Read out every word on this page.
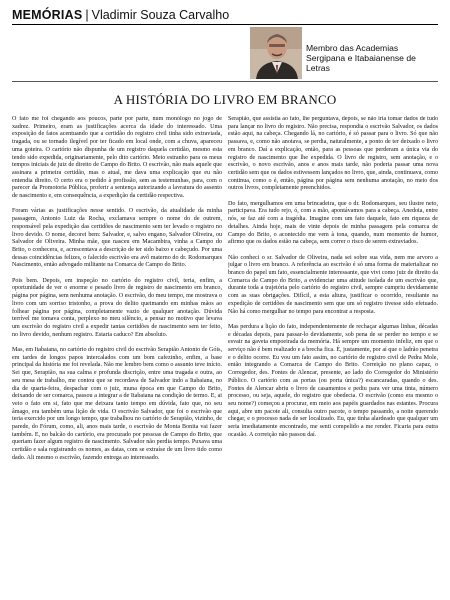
MEMÓRIAS | Vladimir Souza Carvalho
Membro das Academias Sergipana e Itabaianense de Letras
A HISTÓRIA DO LIVRO EM BRANCO

O fato me foi chegando aos poucos, parte por parte, num monólogo no jogo de xadrez. Primeiro, eram as justificações acerca da idade do interessado. Uma exposição de fatos acentuando que a certidão do registro civil tinha sido extraviada, tragada, ou se tornado ilegível por ter ficado em local onde, com a chuva, apareceu uma goteira. O cartório não dispunha de um registro daquela certidão, mesmo esta tendo sido expedida, originariamente, pelo dito cartório. Meio estranho para os meus tempos iniciais de juiz de direito de Campo do Brito. O escrivão, não mais aquele que assinara a primeira certidão, mas o atual, me dava uma explicação que eu não entendia direito. O certo era o pedido à profissão, sem as testemunhas, para, com o parecer da Promotoria Pública, proferir a sentença autorizando a lavratura do assento de nascimento e, em consequência, a expedição da certidão respectiva.

Foram várias as justificações nesse sentido. O escrivão, da atualidade da minha passagem, Antonio Luiz da Rocha, exclamava sempre o nome do de outrem, responsável pela expedição das certidões de nascimento sem ter levado o registro no livro devido. O nome, decorei bem: Salvador, e, salvo engano, Salvador Oliveira, ou Salvador de Oliveira. Minha mãe, que nasceu em Macambira, vinha a Campo do Brito, o conhecera, e, acrescentava a descrição de ter sido baixo e cabeçudo. Por uma dessas coincidências felizes, o falecido escrivão era avô materno do dr. Rodomarques Nascimento, então advogado militante na Comarca de Campo do Brito.

Pois bem. Depois, em inspeção no cartório do registro civil, teria, enfim, a oportunidade de ver o enorme e pesado livro de registro de nascimento em branco, página por página, sem nenhuma anotação. O escrivão, do meu tempo, me mostrava o livro com um sorriso tristonho, a prova do delito queimando em minhas mãos ao folhear página por página, completamente vazio de qualquer anotação. Dúvida terrível me tomava conta, perplexo no meu silêncio, a pensar no motivo que levava um escrivão do registro civil a expedir tantas certidões de nascimento sem ter feito, no livro devido, nenhum registro. Estaria caduco? Em absoluto.

Mas, em Itabaiana, no cartório do registro civil do escrivão Serapião Antonio de Góis, em tardes de longos papos intercalados com um bom cafezinho, enfim, a base principal da história me foi revelada. Não me lembro bem como o assunto teve início. Sei que, Serapião, na sua calma e profunda discrição, entre uma tragada e outra, ao seu mesa de trabalho, me contou que se recordava de Salvador indo a Itabaiana, no dia de quarta-feira, despachar com o juiz, muna época em que Campo do Brito, deixando de ser comarca, passou a integrar a de Itabaiana na condição de termo. E, ai veio o fato em si, fato que me deixara tanto tempo em dúvida, fato que, no seu âmago, era também uma lição de vida. O escrivão Salvador, que foi o escrivão que teria exercido por um longo tempo, que trabalhou no cartório de Serapião, vizinho, de parede, do Fórum, como, ali, anos mais tarde, o escrivão de Monta Bonita vai fazer também. E, no balcão do cartório, era procurado por pessoas de Campo do Brito, que queriam fazer algum registro de nascimento. Salvador não perdia tempo. Puxava uma certidão e sala registrando os nomes, as datas, com se extraíse de um livro tido como dado. Ali mesmo o escrivão, fazendo entrega ao interessado.

Serapião, que assistia ao fato, lhe perguntava, depois, se não iria tomar dados de tudo para lançar no livro do registro. Não precisa, respondia o escrivão Salvador, os dados estão aqui, na cabeça. Chegando lá, no cartório, é só passar para o livro. Só que não passava, e, como não anotava, se perdia, naturalmente, a ponto de ter deixado o livro em branco. Daí a explicação, então, para as pessoas que perderam a única via do registro de nascimento que lhe expedida. O livro de registro, sem anotação, e o escrivão, o novo escrivão, anos e anos mais tarde, não poderia passar uma nova certidão sem que os dados estivessem lançados no livro, que, ainda, continuava, como continua, como o é, então, página por página sem nenhuma anotação, no meio dos outros livros, completamente preenchidos.

Do fato, mergulhamos em uma brincadeira, que o dr. Rodomarques, seu ilustre neto, participava. Era tudo rejo, ó, com a mão, apontávamos para a cabeça. Anedota, entre nós, se faz até com a tragédia. Imagine com um fato daquele, fato em riqueza de detalhes. Ainda hoje, mais de vinte depois de minha passagem pela comarca de Campo do Brito, o acontecido me vem à tona, quando, num momento de humor, afirmo que os dados estão na cabeça, sem correr o risco de serem extraviados.

Não conheci o sr. Salvador de Oliveira, nada sei sobre sua vida, nem me arvoro a julgar o livro em branco. A referência ao escrivão é só uma forma de materializar no branco do papel um fato, essencialmente interessante, que vivi como juiz de direito da Comarca de Campo do Brito, a evidenciar uma atitude isolada de um escrivão que, durante toda a trajetória pelo cartório do registro civil, sempre cumpriu devidamente com as suas obrigações. Difícil, a esta altura, justificar o ocorrido, resultante na expedição de certidões de nascimento sem que um só registro tivesse sido efetuado. Não há como mergulhar no tempo para encontrar a resposta.

Mas perdura a lição do fato, independentemente de rechaçar algumas linhas, décadas e décadas depois, para passar-lo devidamente, sob pena de se perder no tempo e se esvair na gaveta empoeirada da memória. Há sempre um momento infeliz, em que o serviço não é bem realizado e a brecha fica. É, justamente, por aí que o ladrão penetra e o delito ocorre. Eu vou um fato assim, no cartório de registro civil de Pedra Mole, então integrando a Comarca de Campo do Brito. Correição no plano capaz, o Corregedor, des. Fontes de Alencar, presente, ao lado do Corregedor do Ministério Público. O cartório com as portas (ou porta única?) escancaradas, quando o des. Fontes de Alencar abriu o livro de casamentos e pediu para ver uma tinta, número processo, ou seja, aquele, do registro que obedecia. O escrivão (como era mesmo o seu nome?) começou a procurar, em meio aos papéis guardados nas estantes. Procura aqui, abre um pacote ali, consulta outro pacote, o tempo passando, a noite querendo chegar, e o processo nada de ser localizado. Eu, que tinha alardeado que qualquer um seria imediatamente encontrado, me senti compelido a me render. Ficaria para outra ocasião. A correição não passou daí.
